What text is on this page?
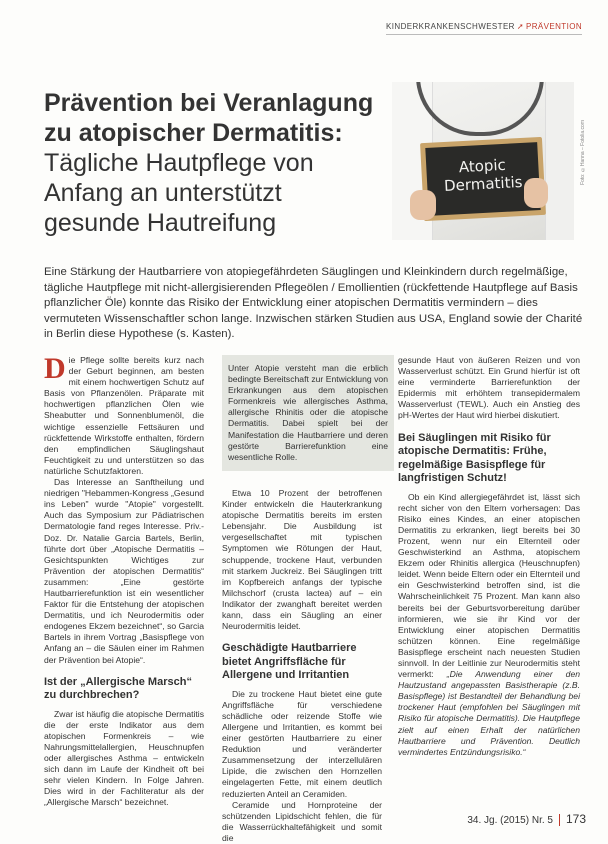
KINDERKRANKENSCHWESTER ➚ PRÄVENTION
Prävention bei Veranlagung
zu atopischer Dermatitis:
Tägliche Hautpflege von
Anfang an unterstützt
gesunde Hautreifung
Atopic
Dermatitis	Foto: ©Hanna – Fotolia.com
Eine Stärkung der Hautbarriere von atopiegefährdeten Säuglingen und Kleinkindern durch regelmäßige, tägliche Hautpflege mit nicht-allergisierenden Pflegeölen / Emollientien (rückfettende Hautpflege auf Basis pflanzlicher Öle) konnte das Risiko der Entwicklung einer atopischen Dermatitis vermindern – dies vermuteten Wissenschaftler schon lange. Inzwischen stärken Studien aus USA, England sowie der Charité in Berlin diese Hypothese (s. Kasten).

Die Pflege sollte bereits kurz nach der Geburt beginnen, am besten mit einem hochwertigen Schutz auf Basis von Pflanzenölen. Präparate mit hochwertigen pflanzlichen Ölen wie Sheabutter und Sonnenblumenöl, die wichtige essenzielle Fettsäuren und rückfettende Wirkstoffe enthalten, fördern den empfindlichen Säuglingshaut Feuchtigkeit zu und unterstützen so das natürliche Schutzfaktoren.

Das Interesse an Sanftheilung und niedrigen "Hebammen-Kongress „Gesund ins Leben" wurde "Atopie" vorgestellt. Auch das Symposium zur Pädiatrischen Dermatologie fand reges Interesse. Priv.-Doz. Dr. Natalie Garcia Bartels, Berlin, führte dort über „Atopische Dermatitis – Gesichtspunkten Wichtiges zur Prävention der atopischen Dermatitis“ zusammen: „Eine gestörte Hautbarrierefunktion ist ein wesentlicher Faktor für die Entstehung der atopischen Dermatitis, und ich Neurodermitis oder endogenes Ekzem bezeichnet“, so Garcia Bartels in ihrem Vortrag „Basispflege von Anfang an – die Säulen einer im Rahmen der Prävention bei Atopie“.

Ist der „Allergische Marsch“ zu durchbrechen?

Zwar ist häufig die atopische Dermatitis die der erste Indikator aus dem atopischen Formenkreis – wie Nahrungsmittelallergien, Heuschnupfen oder allergisches Asthma – entwickeln sich dann im Laufe der Kindheit oft bei sehr vielen Kindern. In Folge Jahren. Dies wird in der Fachliteratur als der „Allergische Marsch“ bezeichnet.

Unter Atopie versteht man die erblich bedingte Bereitschaft zur Entwicklung von Erkrankungen aus dem atopischen Formenkreis wie allergisches Asthma, allergische Rhinitis oder die atopische Dermatitis. Dabei spielt bei der Manifestation die Hautbarriere und deren gestörte Barrierefunktion eine wesentliche Rolle.

Etwa 10 Prozent der betroffenen Kinder entwickeln die Hauterkrankung atopische Dermatitis bereits im ersten Lebensjahr. Die Ausbildung ist vergesellschaftet mit typischen Symptomen wie Rötungen der Haut, schuppende, trockene Haut, verbunden mit starkem Juckreiz. Bei Säuglingen tritt im Kopfbereich anfangs der typische Milchschorf (crusta lactea) auf – ein Indikator der zwanghaft bereitet werden kann, dass ein Säugling an einer Neurodermitis leidet.

Geschädigte Hautbarriere bietet Angriffsfläche für Allergene und Irritantien

Die zu trockene Haut bietet eine gute Angriffsfläche für verschiedene schädliche oder reizende Stoffe wie Allergene und Irritantien, es kommt bei einer gestörten Hautbarriere zu einer Reduktion und veränderter Zusammensetzung der interzellulären Lipide, die zwischen den Hornzellen eingelagerten Fette, mit einem deutlich reduzierten Anteil an Ceramiden.

Ceramide und Hornproteine der schützenden Lipidschicht fehlen, die für die Wasserrückhaltefähigkeit und somit die

gesunde Haut von äußeren Reizen und von Wasserverlust schützt. Ein Grund hierfür ist oft eine verminderte Barrierefunktion der Epidermis mit erhöhtem transepidermalem Wasserverlust (TEWL). Auch ein Anstieg des pH-Wertes der Haut wird hierbei diskutiert.

Bei Säuglingen mit Risiko für atopische Dermatitis: Frühe, regelmäßige Basispflege für langfristigen Schutz!

Ob ein Kind allergiegefährdet ist, lässt sich recht sicher von den Eltern vorhersagen: Das Risiko eines Kindes, an einer atopischen Dermatitis zu erkranken, liegt bereits bei 30 Prozent, wenn nur ein Elternteil oder Geschwisterkind an Asthma, atopischem Ekzem oder Rhinitis allergica (Heuschnupfen) leidet. Wenn beide Eltern oder ein Elternteil und ein Geschwisterkind betroffen sind, ist die Wahrscheinlichkeit 75 Prozent. Man kann also bereits bei der Geburtsvorbereitung darüber informieren, wie sie ihr Kind vor der Entwicklung einer atopischen Dermatitis schützen können. Eine regelmäßige Basispflege erscheint nach neuesten Studien sinnvoll. In der Leitlinie zur Neurodermitis steht vermerkt: „Die Anwendung einer den Hautzustand angepassten Basistherapie (z.B. Basispflege) ist Bestandteil der Behandlung bei trockener Haut (empfohlen bei Säuglingen mit Risiko für atopische Dermatitis). Die Hautpflege zielt auf einen Erhalt der natürlichen Hautbarriere und Prävention. Deutlich vermindertes Entzündungsrisiko.“

34. Jg. (2015) Nr. 5 173
